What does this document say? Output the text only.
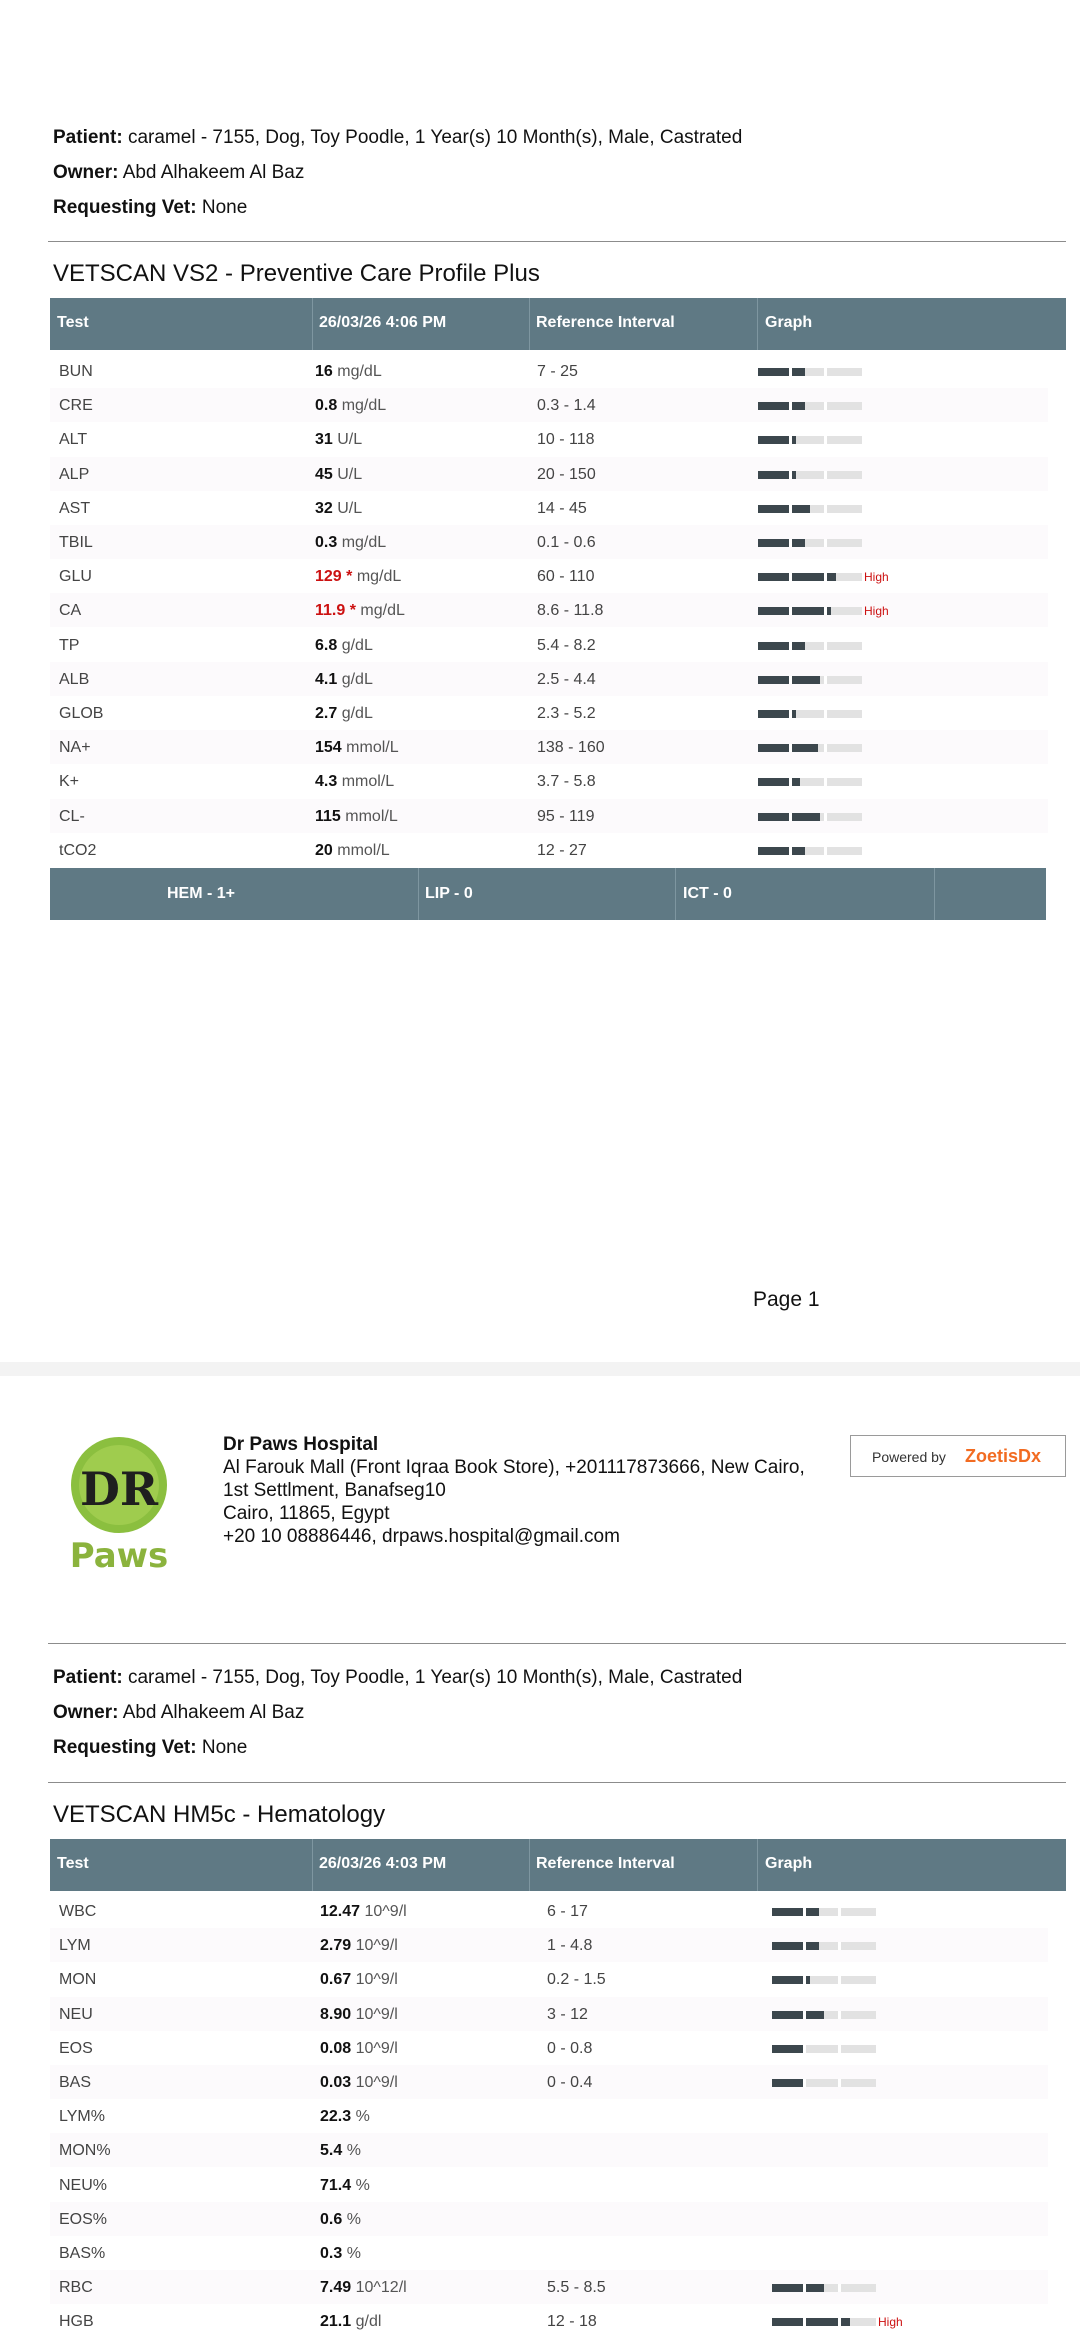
Patient: caramel - 7155, Dog, Toy Poodle, 1 Year(s) 10 Month(s), Male, Castrated
Owner: Abd Alhakeem Al Baz
Requesting Vet: None
VETSCAN VS2 - Preventive Care Profile Plus
Test	26/03/26 4:06 PM	Reference Interval	Graph
BUN	16 mg/dL	7 - 25
CRE	0.8 mg/dL	0.3 - 1.4
ALT	31 U/L	10 - 118
ALP	45 U/L	20 - 150
AST	32 U/L	14 - 45
TBIL	0.3 mg/dL	0.1 - 0.6
GLU	129 * mg/dL	60 - 110	High
CA	11.9 * mg/dL	8.6 - 11.8	High
TP	6.8 g/dL	5.4 - 8.2
ALB	4.1 g/dL	2.5 - 4.4
GLOB	2.7 g/dL	2.3 - 5.2
NA+	154 mmol/L	138 - 160
K+	4.3 mmol/L	3.7 - 5.8
CL-	115 mmol/L	95 - 119
tCO2	20 mmol/L	12 - 27
HEM - 1+	LIP - 0	ICT - 0
Page 1
DR
Paws
Dr Paws Hospital
Al Farouk Mall (Front Iqraa Book Store), +201117873666, New Cairo,
1st Settlment, Banafseg10
Cairo, 11865, Egypt
+20 10 08886446, drpaws.hospital@gmail.com
Powered by ZoetisDx
Patient: caramel - 7155, Dog, Toy Poodle, 1 Year(s) 10 Month(s), Male, Castrated
Owner: Abd Alhakeem Al Baz
Requesting Vet: None
VETSCAN HM5c - Hematology
Test	26/03/26 4:03 PM	Reference Interval	Graph
WBC	12.47 10^9/l	6 - 17
LYM	2.79 10^9/l	1 - 4.8
MON	0.67 10^9/l	0.2 - 1.5
NEU	8.90 10^9/l	3 - 12
EOS	0.08 10^9/l	0 - 0.8
BAS	0.03 10^9/l	0 - 0.4
LYM%	22.3 %
MON%	5.4 %
NEU%	71.4 %
EOS%	0.6 %
BAS%	0.3 %
RBC	7.49 10^12/l	5.5 - 8.5
HGB	21.1 g/dl	12 - 18	High
